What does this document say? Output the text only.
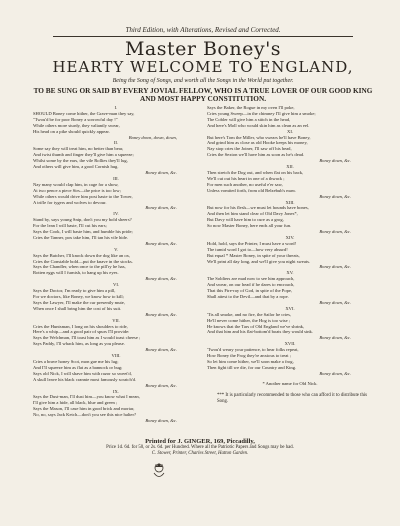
Third Edition, with Alterations, Revised and Corrected.
Master Boney's
HEARTY WELCOME TO ENGLAND,
Being the Song of Songs, and worth all the Songs in the World put together.
TO BE SUNG OR SAID BY EVERY JOVIAL FELLOW, WHO IS A TRUE LOVER OF OUR GOOD KING AND MOST HAPPY CONSTITUTION.
I.
SHOULD Boney come hither, the Grave-man they say,
"Twou'd be for poor Boney a sorrowful day !"
While others more sturdy, they valiantly swear,
His head on a pike should quickly appear.
Boney down, down, down,
II.
Some say they will treat him, no better than bear,
And twist thumb and finger they'll give him a squeeze;
Whilst some by the ears, the vile Rollies they'll lug,
And others will give him, a good Cornish hug.
Boney down, &c.
III.
Nay many would clap him, in cage for a show,
At two pence a piece Sirs—the price is too low;
While others would drive him post haste to the Tower,
A trifle for tygers and wolves to devour.
Boney down, &c.
IV.
Stand by, says young Snip, don't you my bold sheers?
For the lean I will baste, I'll cut his ears;
Says the Cook, I will baste him, and humble his pride;
Cries the Tanner, pox take him, I'll tan his vile hide.
Boney down, &c.
V.
Says the Butcher, I'll knock down the dog like an ox,
Cries the Constable bold—put the knave in the stocks.
Says the Chandler, when once to the pill'ry he has,
Rotten eggs will I furnish, to hang up his eyes.
Boney down, &c.
VI.
Says the Doctor, I'm ready to give him a pill,
For we doctors, like Boney, we know how to kill;
Says the Lawyer, I'll make the cur presently mute,
When once I shall bring him the cost of his suit.
Boney down, &c.
VII.
Cries the Huntsman, I long on his shoulders to ride,
Here's a whip—and a good pair of spurs I'll provide:
Says the Welchman, I'll toast him as I would toast cheese ;
Says Paddy, I'll whack him, as long as you please.
Boney down, &c.
VIII.
Cries a brave honey Scot, mon gae me his lug;
And I'll squeeze him as flat as a bannock or bug;
Says old Nick, I will shave him with razor so sweet'd,
A skull leave his black crannie most famously scratch'd.
Boney down, &c.
IX.
Says the Dust-man, I'll dust him—you know what I mean,
I'll give him a hide, all black, blue and green ;
Says the Mason, I'll case him in good brick and mortar,
No, no, says Jack Ketch—don't you see this nice halter?
Boney down, &c.
Says the Baker, the Rogue in my oven I'll poke,
Cries young Sweep—in the chimney I'll give him a smoke;
The Cobler will give him a stitch in the head,
And here's Moll who would skin him as clean as an eel.
XI.
But here's Tom the Miller, who swears he'll have Boney,
And grind him as close as old Hooke keeps his money,
Nay stop cries the Joiner, I'll saw off his head,
Cries the Sexton we'll have him as soon as he's dead.
Boney down, &c.
XII.
Then stretch the Dog out, and when flat on his back,
We'll cut out his heart in one of a thwack ;
For men such another, no useful e'er saw,
Unless vomited forth, from old Belzebub's maw.
Boney down, &c.
XIII.
But now for his flesh—we must let hounds have bones,
And then let him stand clear of Old Davy Jones*,
But Davy will have him to cure as a grog,
So now Master Boney, here ends all your fun.
Boney down, &c.
XIV.
Hold, hold, says the Printer, I must have a word!
The tumid word I got to—how very absurd!
But equal * Master Boney, in spite of your threats,
We'll print all day long, and we'll give you night sweats.
Boney down, &c.
XV.
The Soldiers are mad now to see him approach,
And swear, on our head if he dares to encroach,
That this Fire-ray of God, in spite of the Pope,
Shall attest to the Devil—and that by a rope.
Boney down, &c.
XVI.
'Tis all smoke, and no fire, the Sailor he cries,
He'll never come hither, the Hog is too wise ;
He knows that the Tars of Old England we've shrink,
And that him and his flat-bottom'd boats they would sink.
Boney down, &c.
XVII.
'Twou'd weary your patience, to hear folks repeat,
How Boney the Frog they're anxious to treat ;
So let him come hither, we'll soon make a frog,
Then fight till we die, for our Country and King.
Boney down, &c.
* Another name for Old Nick.
*** It is particularly recommended to those who can afford it to distribute this Song.
Printed for J. GINGER, 169, Piccadilly,
Price 1d. 6d. for 50, or 2s. 6d. per Hundred. Where all the Patriotic Papers and Songs may be had.
C. Stower, Printer, Charles Street, Hatton Garden.
